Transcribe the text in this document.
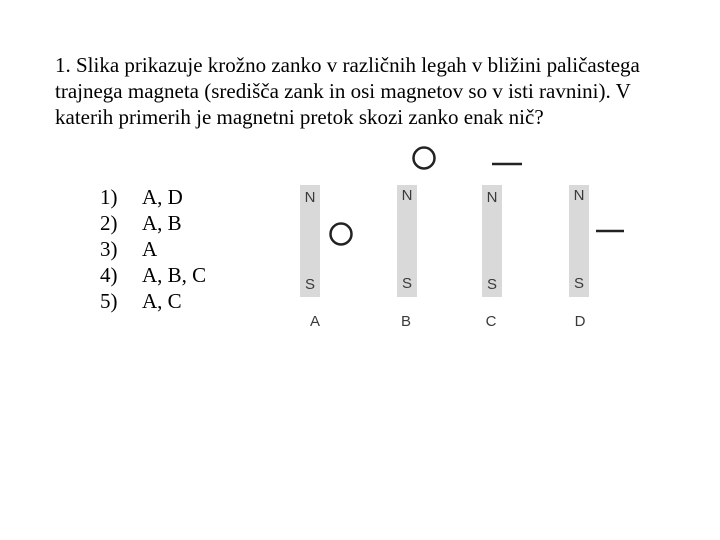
1. Slika prikazuje krožno zanko v različnih legah v bližini paličastega trajnega magneta (središča zank in osi magnetov so v isti ravnini). V katerih primerih je magnetni pretok skozi zanko enak nič?

1)	A, D
2)	A, B
3)	A
4)	A, B, C
5)	A, C
N
S
A
N
S
B
N
S
C
N
S
D
